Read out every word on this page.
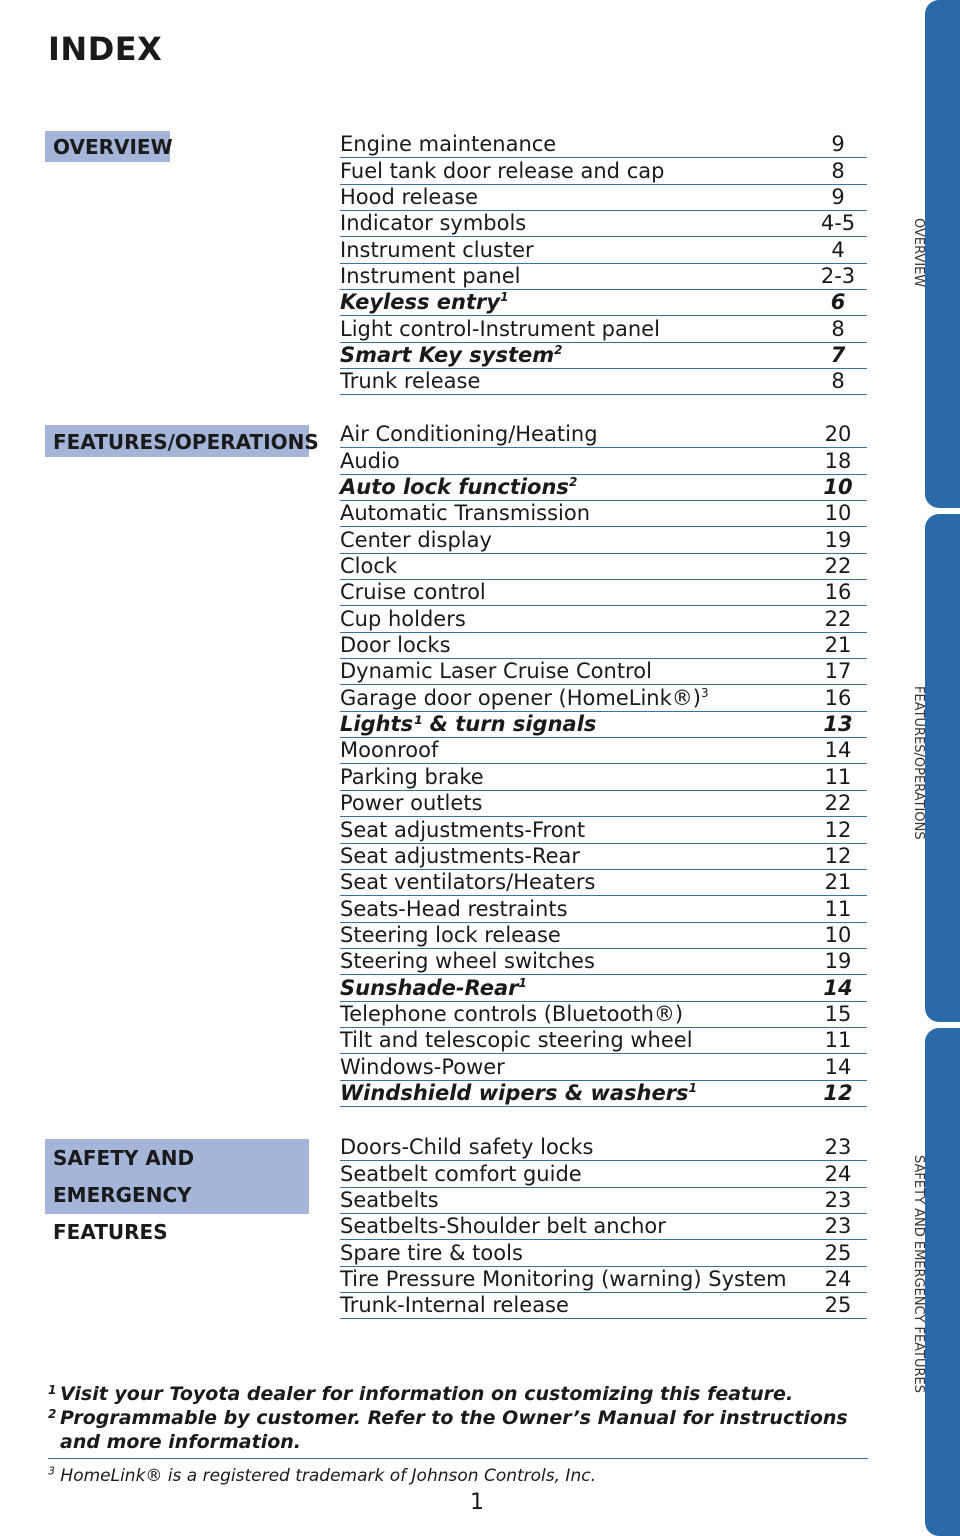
INDEX
OVERVIEW
FEATURES/OPERATIONS
SAFETY AND
EMERGENCY FEATURES
Engine maintenance	9
Fuel tank door release and cap	8
Hood release	9
Indicator symbols	4-5
Instrument cluster	4
Instrument panel	2-3
Keyless entry$^1$	6
Light control-Instrument panel	8
Smart Key system$^2$	7
Trunk release	8
Air Conditioning/Heating	20
Audio	18
Auto lock functions$^2$	10
Automatic Transmission	10
Center display	19
Clock	22
Cruise control	16
Cup holders	22
Door locks	21
Dynamic Laser Cruise Control	17
Garage door opener (HomeLink®)$^3$	16
Lights¹ & turn signals	13
Moonroof	14
Parking brake	11
Power outlets	22
Seat adjustments-Front	12
Seat adjustments-Rear	12
Seat ventilators/Heaters	21
Seats-Head restraints	11
Steering lock release	10
Steering wheel switches	19
Sunshade-Rear$^1$	14
Telephone controls (Bluetooth®)	15
Tilt and telescopic steering wheel	11
Windows-Power	14
Windshield wipers & washers$^1$	12
Doors-Child safety locks	23
Seatbelt comfort guide	24
Seatbelts	23
Seatbelts-Shoulder belt anchor	23
Spare tire & tools	25
Tire Pressure Monitoring (warning) System	24
Trunk-Internal release	25
OVERVIEW
FEATURES/OPERATIONS
SAFETY AND EMERGENCY FEATURES
1 Visit your Toyota dealer for information on customizing this feature.
2 Programmable by customer. Refer to the Owner’s Manual for instructions and more information.
$^3$ HomeLink® is a registered trademark of Johnson Controls, Inc.
1
